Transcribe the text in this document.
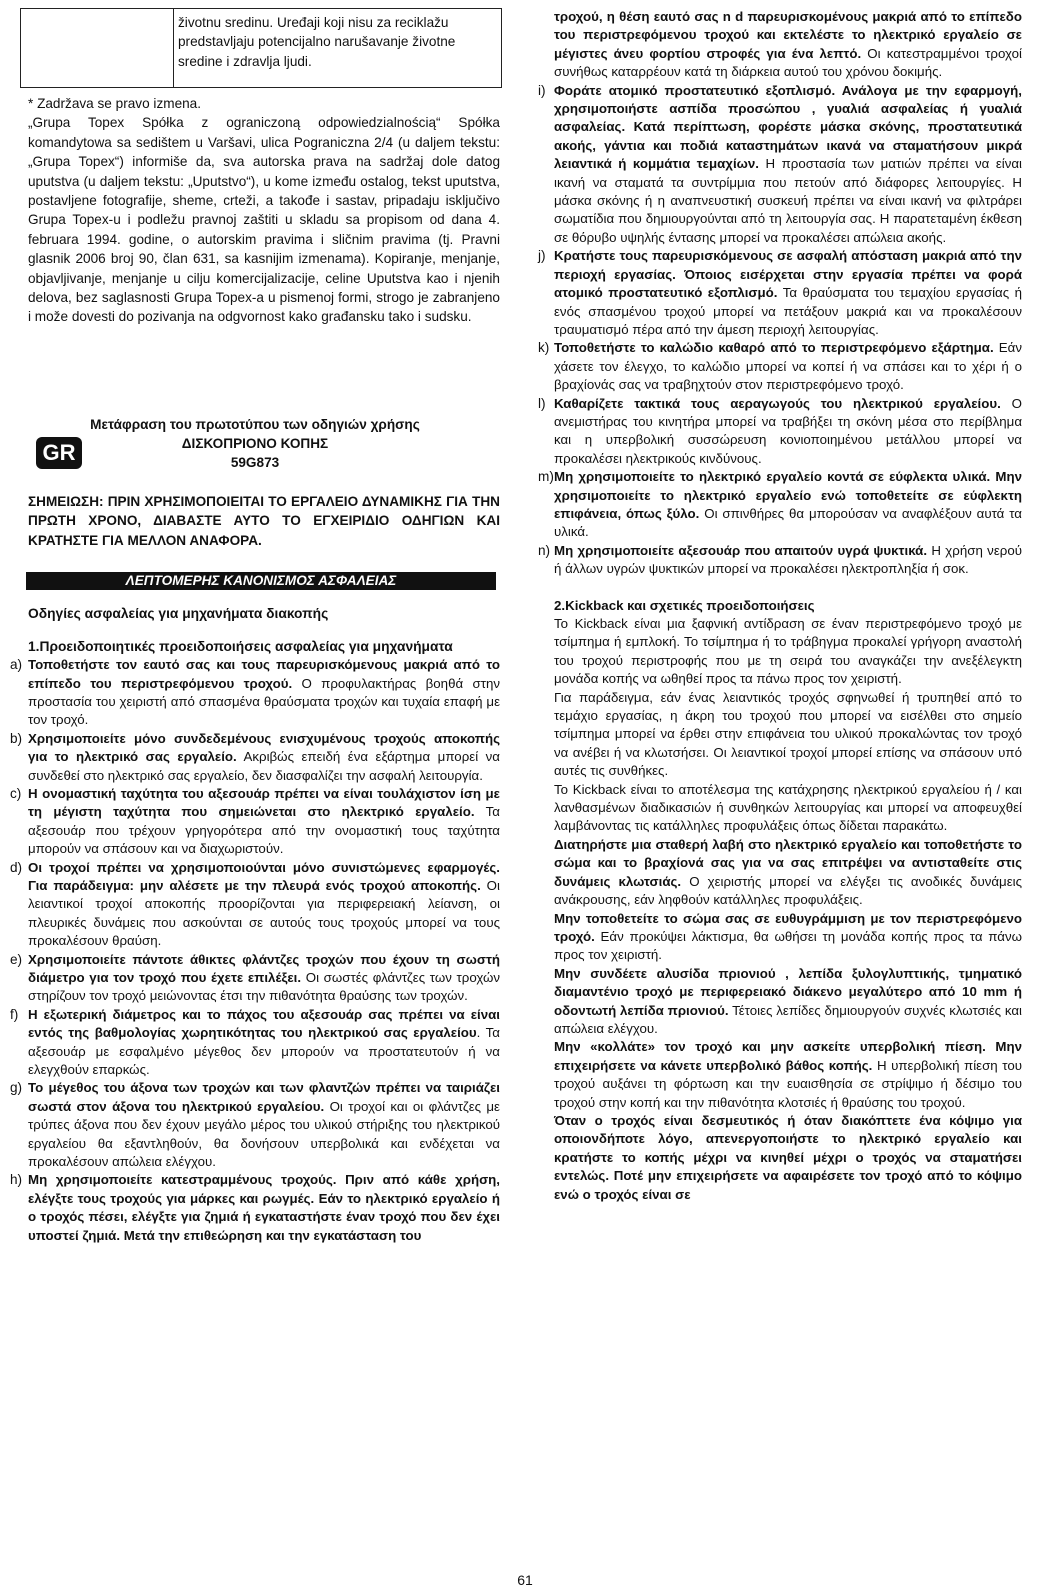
životnu sredinu. Uređaji koji nisu za reciklažu predstavljaju potencijalno narušavanje životne sredine i zdravlja ljudi.

* Zadržava se pravo izmena.

„Grupa Topex Spółka z ograniczoną odpowiedzialnością“ Spółka komandytowa sa sedištem u Varšavi, ulica Pograniczna 2/4 (u daljem tekstu: „Grupa Topex“) informiše da, sva autorska prava na sadržaj dole datog uputstva (u daljem tekstu: „Uputstvo“), u kome između ostalog, tekst uputstva, postavljene fotografije, sheme, crteži, a takođe i sastav, pripadaju isključivo Grupa Topex-u i podležu pravnoj zaštiti u skladu sa propisom od dana 4. februara 1994. godine, o autorskim pravima i sličnim pravima (tj. Pravni glasnik 2006 broj 90, član 631, sa kasnijim izmenama). Kopiranje, menjanje, objavljivanje, menjanje u cilju komercijalizacije, celine Uputstva kao i njenih delova, bez saglasnosti Grupa Topex-a u pismenoj formi, strogo je zabranjeno i može dovesti do pozivanja na odgvornost kako građansku tako i sudsku.

Μετάφραση του πρωτοτύπου των οδηγιών χρήσης
ΔΙΣΚΟΠΡΙΟΝΟ ΚΟΠΗΣ
59G873
GR

ΣΗΜΕΙΩΣΗ: ΠΡΙΝ ΧΡΗΣΙΜΟΠΟΙΕΙΤΑΙ ΤΟ ΕΡΓΑΛΕΙΟ ΔΥΝΑΜΙΚΗΣ ΓΙΑ ΤΗΝ ΠΡΩΤΗ ΧΡΟΝΟ, ΔΙΑΒΑΣΤΕ ΑΥΤΟ ΤΟ ΕΓΧΕΙΡΙΔΙΟ ΟΔΗΓΙΩΝ ΚΑΙ ΚΡΑΤΗΣΤΕ ΓΙΑ ΜΕΛΛΟΝ ΑΝΑΦΟΡΑ.

ΛΕΠΤΟΜΕΡΗΣ ΚΑΝΟΝΙΣΜΟΣ ΑΣΦΑΛΕΙΑΣ

Οδηγίες ασφαλείας για μηχανήματα διακοπής

1.Προειδοποιητικές προειδοποιήσεις ασφαλείας για μηχανήματα

a) Τοποθετήστε τον εαυτό σας και τους παρευρισκόμενους μακριά από το επίπεδο του περιστρεφόμενου τροχού. Ο προφυλακτήρας βοηθά στην προστασία του χειριστή από σπασμένα θραύσματα τροχών και τυχαία επαφή με τον τροχό.
b) Χρησιμοποιείτε μόνο συνδεδεμένους ενισχυμένους τροχούς αποκοπής για το ηλεκτρικό σας εργαλείο. Ακριβώς επειδή ένα εξάρτημα μπορεί να συνδεθεί στο ηλεκτρικό σας εργαλείο, δεν διασφαλίζει την ασφαλή λειτουργία.
c) Η ονομαστική ταχύτητα του αξεσουάρ πρέπει να είναι τουλάχιστον ίση με τη μέγιστη ταχύτητα που σημειώνεται στο ηλεκτρικό εργαλείο. Τα αξεσουάρ που τρέχουν γρηγορότερα από την ονομαστική τους ταχύτητα μπορούν να σπάσουν και να διαχωριστούν.
d) Οι τροχοί πρέπει να χρησιμοποιούνται μόνο συνιστώμενες εφαρμογές. Για παράδειγμα: μην αλέσετε με την πλευρά ενός τροχού αποκοπής. Οι λειαντικοί τροχοί αποκοπής προορίζονται για περιφερειακή λείανση, οι πλευρικές δυνάμεις που ασκούνται σε αυτούς τους τροχούς μπορεί να τους προκαλέσουν θραύση.
e) Χρησιμοποιείτε πάντοτε άθικτες φλάντζες τροχών που έχουν τη σωστή διάμετρο για τον τροχό που έχετε επιλέξει. Οι σωστές φλάντζες των τροχών στηρίζουν τον τροχό μειώνοντας έτσι την πιθανότητα θραύσης των τροχών.
f) Η εξωτερική διάμετρος και το πάχος του αξεσουάρ σας πρέπει να είναι εντός της βαθμολογίας χωρητικότητας του ηλεκτρικού σας εργαλείου. Τα αξεσουάρ με εσφαλμένο μέγεθος δεν μπορούν να προστατευτούν ή να ελεγχθούν επαρκώς.
g) Το μέγεθος του άξονα των τροχών και των φλαντζών πρέπει να ταιριάζει σωστά στον άξονα του ηλεκτρικού εργαλείου. Οι τροχοί και οι φλάντζες με τρύπες άξονα που δεν έχουν μεγάλο μέρος του υλικού στήριξης του ηλεκτρικού εργαλείου θα εξαντληθούν, θα δονήσουν υπερβολικά και ενδέχεται να προκαλέσουν απώλεια ελέγχου.
h) Μη χρησιμοποιείτε κατεστραμμένους τροχούς. Πριν από κάθε χρήση, ελέγξτε τους τροχούς για μάρκες και ρωγμές. Εάν το ηλεκτρικό εργαλείο ή ο τροχός πέσει, ελέγξτε για ζημιά ή εγκαταστήστε έναν τροχό που δεν έχει υποστεί ζημιά. Μετά την επιθεώρηση και την εγκατάσταση του

τροχού, η θέση εαυτό σας n d παρευρισκομένους μακριά από το επίπεδο του περιστρεφόμενου τροχού και εκτελέστε το ηλεκτρικό εργαλείο σε μέγιστες άνευ φορτίου στροφές για ένα λεπτό. Οι κατεστραμμένοι τροχοί συνήθως καταρρέουν κατά τη διάρκεια αυτού του χρόνου δοκιμής.

i) Φοράτε ατομικό προστατευτικό εξοπλισμό. Ανάλογα με την εφαρμογή, χρησιμοποιήστε ασπίδα προσώπου , γυαλιά ασφαλείας ή γυαλιά ασφαλείας. Κατά περίπτωση, φορέστε μάσκα σκόνης, προστατευτικά ακοής, γάντια και ποδιά καταστημάτων ικανά να σταματήσουν μικρά λειαντικά ή κομμάτια τεμαχίων. Η προστασία των ματιών πρέπει να είναι ικανή να σταματά τα συντρίμμια που πετούν από διάφορες λειτουργίες. Η μάσκα σκόνης ή η αναπνευστική συσκευή πρέπει να είναι ικανή να φιλτράρει σωματίδια που δημιουργούνται από τη λειτουργία σας. Η παρατεταμένη έκθεση σε θόρυβο υψηλής έντασης μπορεί να προκαλέσει απώλεια ακοής.
j) Κρατήστε τους παρευρισκόμενους σε ασφαλή απόσταση μακριά από την περιοχή εργασίας. Όποιος εισέρχεται στην εργασία πρέπει να φορά ατομικό προστατευτικό εξοπλισμό. Τα θραύσματα του τεμαχίου εργασίας ή ενός σπασμένου τροχού μπορεί να πετάξουν μακριά και να προκαλέσουν τραυματισμό πέρα από την άμεση περιοχή λειτουργίας.
k) Τοποθετήστε το καλώδιο καθαρό από το περιστρεφόμενο εξάρτημα. Εάν χάσετε τον έλεγχο, το καλώδιο μπορεί να κοπεί ή να σπάσει και το χέρι ή ο βραχίονάς σας να τραβηχτούν στον περιστρεφόμενο τροχό.
l) Καθαρίζετε τακτικά τους αεραγωγούς του ηλεκτρικού εργαλείου. Ο ανεμιστήρας του κινητήρα μπορεί να τραβήξει τη σκόνη μέσα στο περίβλημα και η υπερβολική συσσώρευση κονιοποιημένου μετάλλου μπορεί να προκαλέσει ηλεκτρικούς κινδύνους.
m) Μη χρησιμοποιείτε το ηλεκτρικό εργαλείο κοντά σε εύφλεκτα υλικά. Μην χρησιμοποιείτε το ηλεκτρικό εργαλείο ενώ τοποθετείτε σε εύφλεκτη επιφάνεια, όπως ξύλο. Οι σπινθήρες θα μπορούσαν να αναφλέξουν αυτά τα υλικά.
n) Μη χρησιμοποιείτε αξεσουάρ που απαιτούν υγρά ψυκτικά. Η χρήση νερού ή άλλων υγρών ψυκτικών μπορεί να προκαλέσει ηλεκτροπληξία ή σοκ.

2.Kickback και σχετικές προειδοποιήσεις

Το Kickback είναι μια ξαφνική αντίδραση σε έναν περιστρεφόμενο τροχό με τσίμπημα ή εμπλοκή. Το τσίμπημα ή το τράβηγμα προκαλεί γρήγορη αναστολή του τροχού περιστροφής που με τη σειρά του αναγκάζει την ανεξέλεγκτη μονάδα κοπής να ωθηθεί προς τα πάνω προς τον χειριστή.

Για παράδειγμα, εάν ένας λειαντικός τροχός σφηνωθεί ή τρυπηθεί από το τεμάχιο εργασίας, η άκρη του τροχού που μπορεί να εισέλθει στο σημείο τσίμπημα μπορεί να έρθει στην επιφάνεια του υλικού προκαλώντας τον τροχό να ανέβει ή να κλωτσήσει. Οι λειαντικοί τροχοί μπορεί επίσης να σπάσουν υπό αυτές τις συνθήκες.

Το Kickback είναι το αποτέλεσμα της κατάχρησης ηλεκτρικού εργαλείου ή / και λανθασμένων διαδικασιών ή συνθηκών λειτουργίας και μπορεί να αποφευχθεί λαμβάνοντας τις κατάλληλες προφυλάξεις όπως δίδεται παρακάτω.

Διατηρήστε μια σταθερή λαβή στο ηλεκτρικό εργαλείο και τοποθετήστε το σώμα και το βραχίονά σας για να σας επιτρέψει να αντισταθείτε στις δυνάμεις κλωτσιάς. Ο χειριστής μπορεί να ελέγξει τις ανοδικές δυνάμεις ανάκρουσης, εάν ληφθούν κατάλληλες προφυλάξεις.

Μην τοποθετείτε το σώμα σας σε ευθυγράμμιση με τον περιστρεφόμενο τροχό. Εάν προκύψει λάκτισμα, θα ωθήσει τη μονάδα κοπής προς τα πάνω προς τον χειριστή.

Μην συνδέετε αλυσίδα πριονιού , λεπίδα ξυλογλυπτικής, τμηματικό διαμαντένιο τροχό με περιφερειακό διάκενο μεγαλύτερο από 10 mm ή οδοντωτή λεπίδα πριονιού. Τέτοιες λεπίδες δημιουργούν συχνές κλωτσιές και απώλεια ελέγχου.

Μην «κολλάτε» τον τροχό και μην ασκείτε υπερβολική πίεση. Μην επιχειρήσετε να κάνετε υπερβολικό βάθος κοπής. Η υπερβολική πίεση του τροχού αυξάνει τη φόρτωση και την ευαισθησία σε στρίψιμο ή δέσιμο του τροχού στην κοπή και την πιθανότητα κλοτσιές ή θραύσης του τροχού.

Όταν ο τροχός είναι δεσμευτικός ή όταν διακόπτετε ένα κόψιμο για οποιονδήποτε λόγο, απενεργοποιήστε το ηλεκτρικό εργαλείο και κρατήστε το κοπής μέχρι να κινηθεί μέχρι ο τροχός να σταματήσει εντελώς. Ποτέ μην επιχειρήσετε να αφαιρέσετε τον τροχό από το κόψιμο ενώ ο τροχός είναι σε

61
